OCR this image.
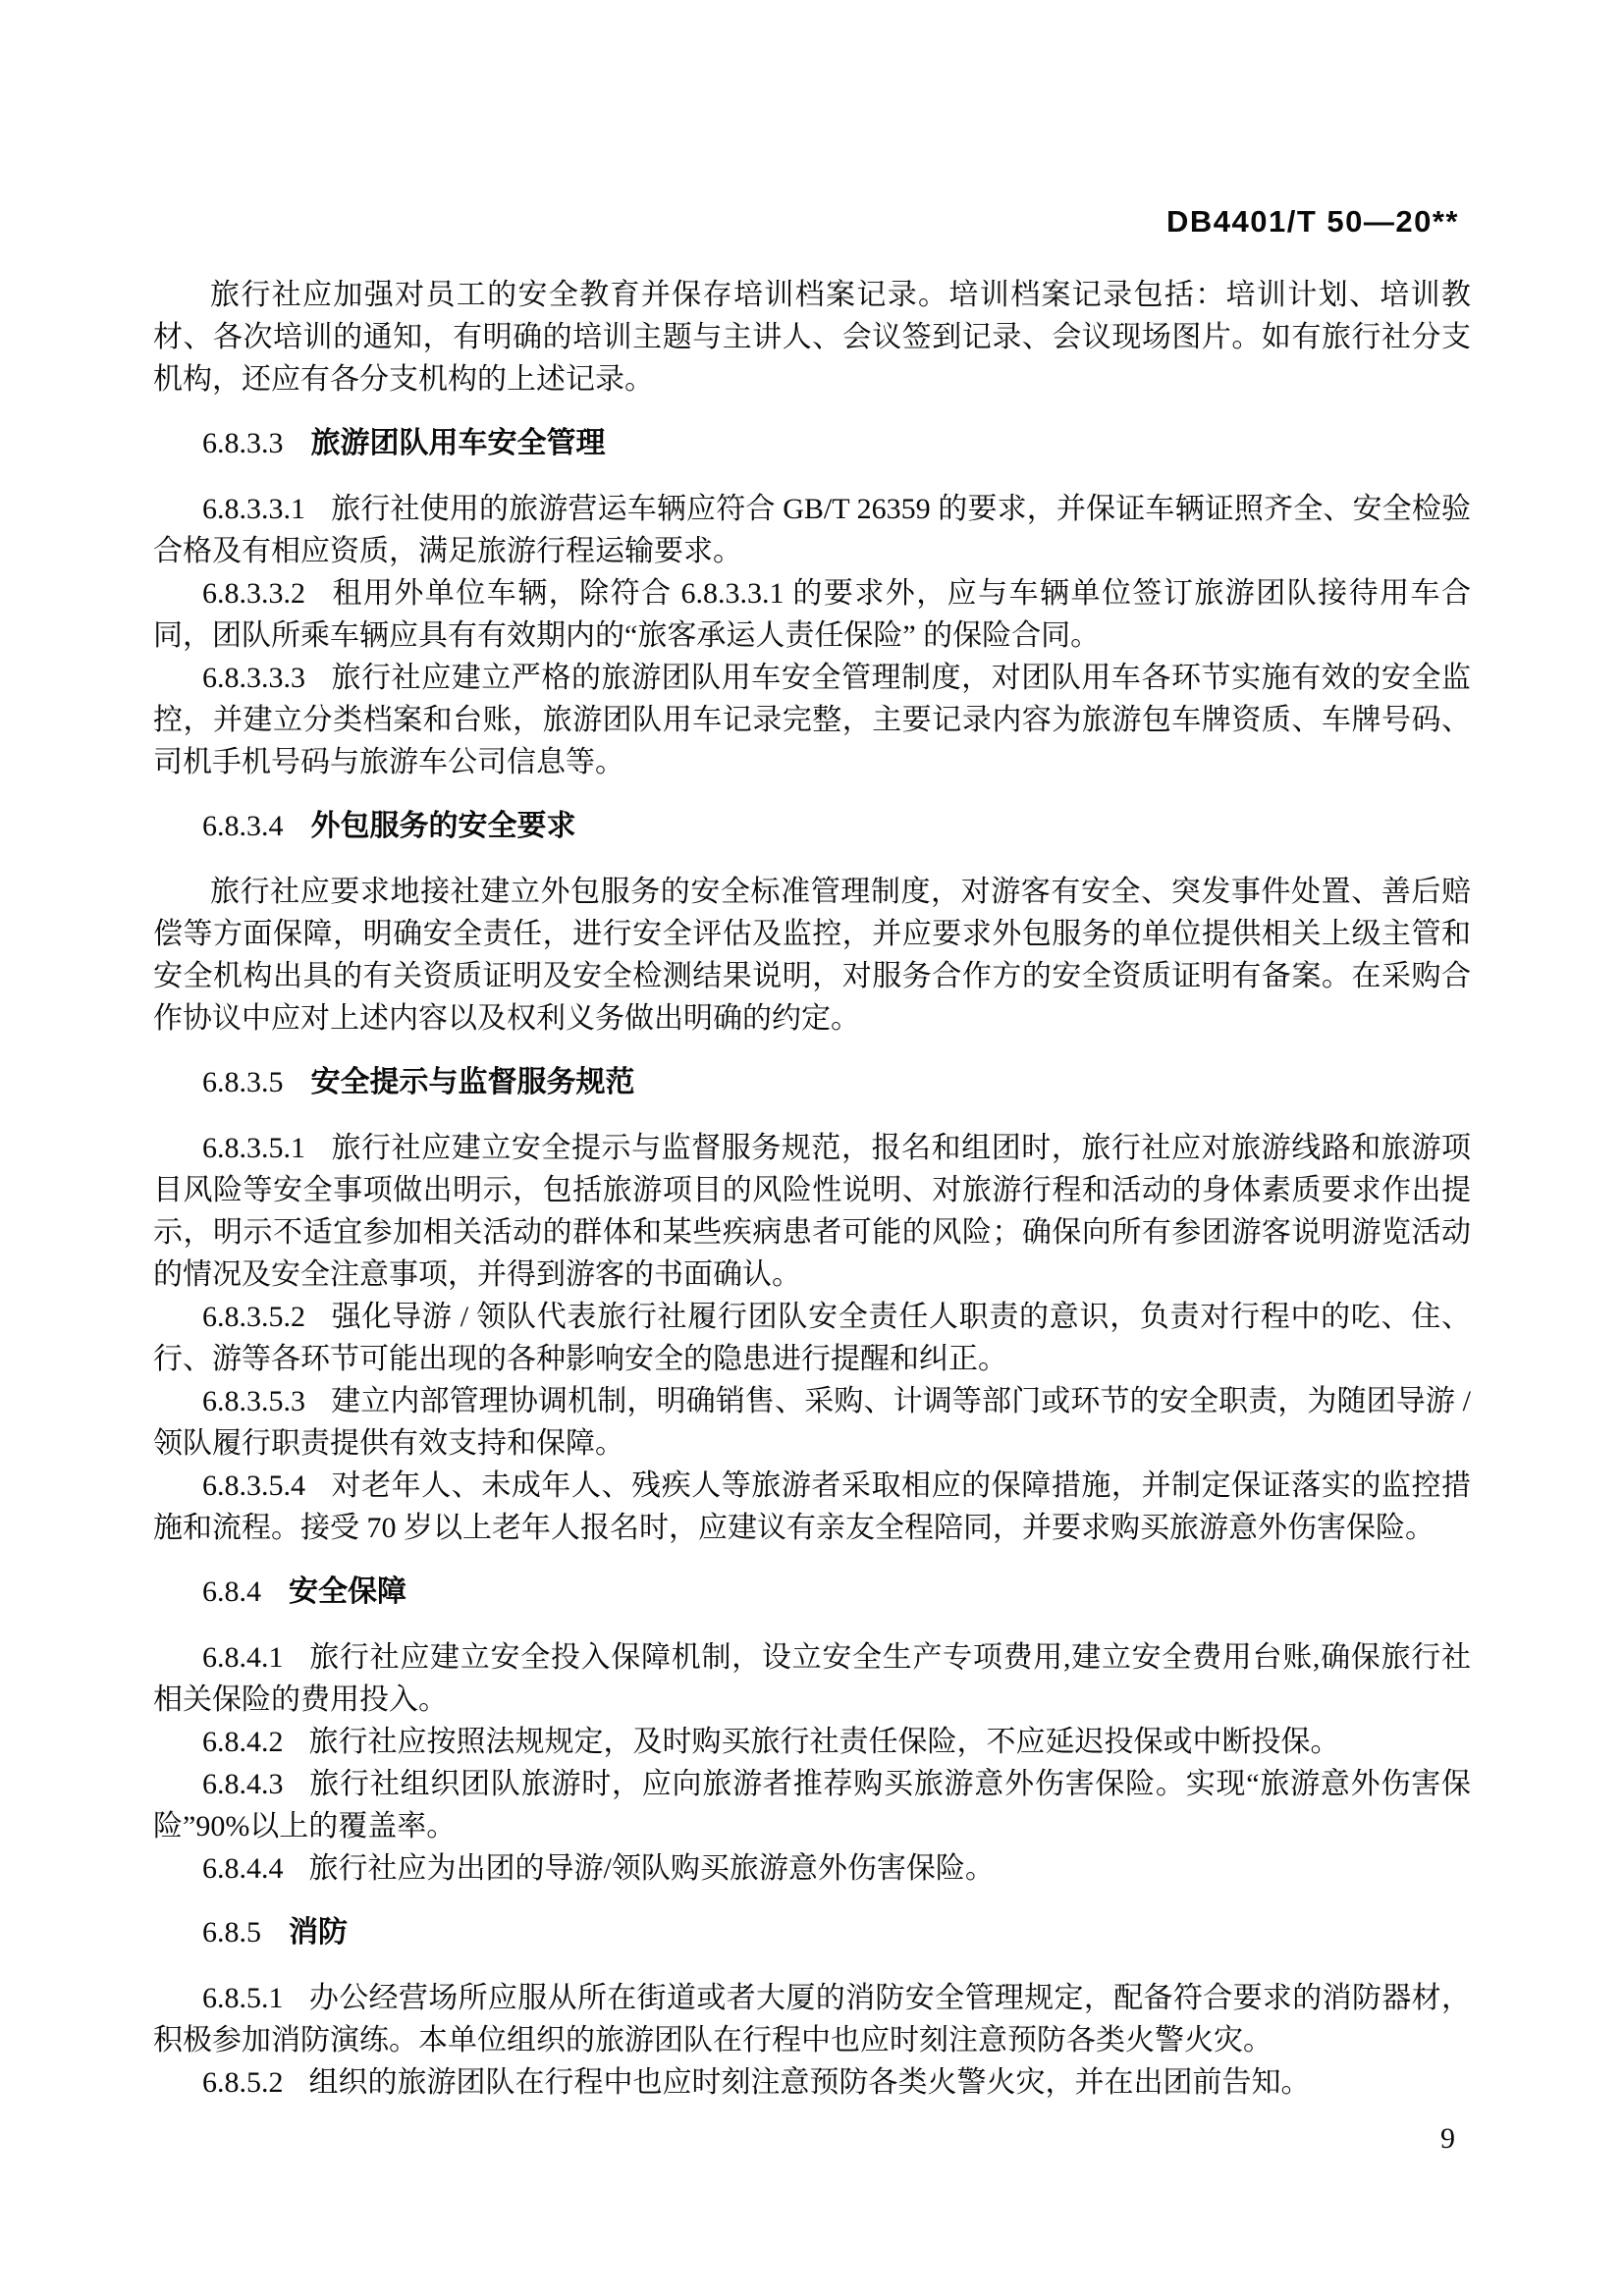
DB4401/T 50—20**

旅行社应加强对员工的安全教育并保存培训档案记录。培训档案记录包括：培训计划、培训教材、各次培训的通知，有明确的培训主题与主讲人、会议签到记录、会议现场图片。如有旅行社分支机构，还应有各分支机构的上述记录。

6.8.3.3 旅游团队用车安全管理

6.8.3.3.1 旅行社使用的旅游营运车辆应符合 GB/T 26359 的要求，并保证车辆证照齐全、安全检验合格及有相应资质，满足旅游行程运输要求。

6.8.3.3.2 租用外单位车辆，除符合 6.8.3.3.1 的要求外，应与车辆单位签订旅游团队接待用车合同，团队所乘车辆应具有有效期内的“旅客承运人责任保险” 的保险合同。

6.8.3.3.3 旅行社应建立严格的旅游团队用车安全管理制度，对团队用车各环节实施有效的安全监控，并建立分类档案和台账，旅游团队用车记录完整，主要记录内容为旅游包车牌资质、车牌号码、司机手机号码与旅游车公司信息等。

6.8.3.4 外包服务的安全要求

旅行社应要求地接社建立外包服务的安全标准管理制度，对游客有安全、突发事件处置、善后赔偿等方面保障，明确安全责任，进行安全评估及监控，并应要求外包服务的单位提供相关上级主管和安全机构出具的有关资质证明及安全检测结果说明，对服务合作方的安全资质证明有备案。在采购合作协议中应对上述内容以及权利义务做出明确的约定。

6.8.3.5 安全提示与监督服务规范

6.8.3.5.1 旅行社应建立安全提示与监督服务规范，报名和组团时，旅行社应对旅游线路和旅游项目风险等安全事项做出明示，包括旅游项目的风险性说明、对旅游行程和活动的身体素质要求作出提示，明示不适宜参加相关活动的群体和某些疾病患者可能的风险；确保向所有参团游客说明游览活动的情况及安全注意事项，并得到游客的书面确认。

6.8.3.5.2 强化导游 / 领队代表旅行社履行团队安全责任人职责的意识，负责对行程中的吃、住、行、游等各环节可能出现的各种影响安全的隐患进行提醒和纠正。

6.8.3.5.3 建立内部管理协调机制，明确销售、采购、计调等部门或环节的安全职责，为随团导游 / 领队履行职责提供有效支持和保障。

6.8.3.5.4 对老年人、未成年人、残疾人等旅游者采取相应的保障措施，并制定保证落实的监控措施和流程。接受 70 岁以上老年人报名时，应建议有亲友全程陪同，并要求购买旅游意外伤害保险。

6.8.4 安全保障

6.8.4.1 旅行社应建立安全投入保障机制，设立安全生产专项费用,建立安全费用台账,确保旅行社相关保险的费用投入。

6.8.4.2 旅行社应按照法规规定，及时购买旅行社责任保险，不应延迟投保或中断投保。

6.8.4.3 旅行社组织团队旅游时，应向旅游者推荐购买旅游意外伤害保险。实现“旅游意外伤害保险”90%以上的覆盖率。

6.8.4.4 旅行社应为出团的导游/领队购买旅游意外伤害保险。

6.8.5 消防

6.8.5.1 办公经营场所应服从所在街道或者大厦的消防安全管理规定，配备符合要求的消防器材，积极参加消防演练。本单位组织的旅游团队在行程中也应时刻注意预防各类火警火灾。

6.8.5.2 组织的旅游团队在行程中也应时刻注意预防各类火警火灾，并在出团前告知。

9
